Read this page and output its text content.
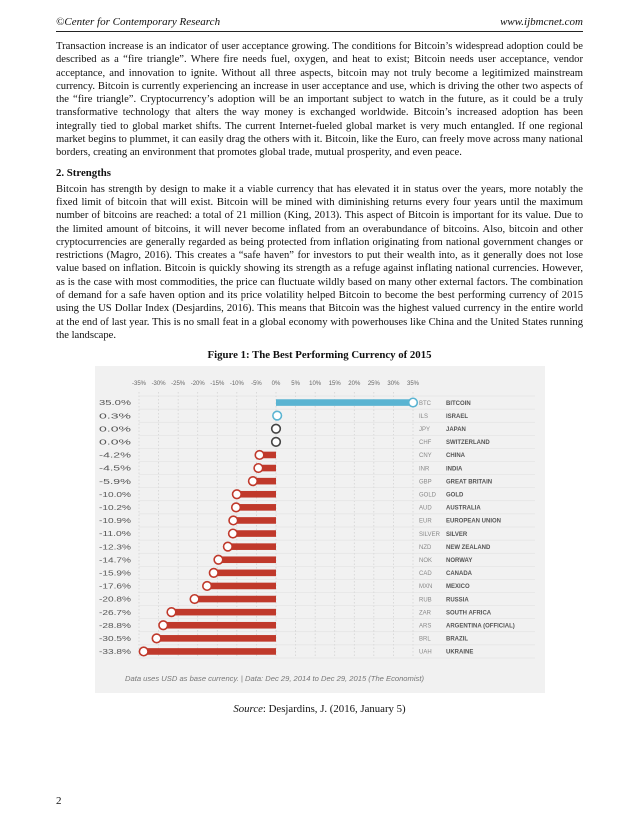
©Center for Contemporary Research	www.ijbmcnet.com

Transaction increase is an indicator of user acceptance growing. The conditions for Bitcoin’s widespread adoption could be described as a “fire triangle”. Where fire needs fuel, oxygen, and heat to exist; Bitcoin needs user acceptance, vendor acceptance, and innovation to ignite. Without all three aspects, bitcoin may not truly become a legitimized mainstream currency. Bitcoin is currently experiencing an increase in user acceptance and use, which is driving the other two aspects of the “fire triangle”. Cryptocurrency’s adoption will be an important subject to watch in the future, as it could be a truly transformative technology that alters the way money is exchanged worldwide. Bitcoin’s increased adoption has been integrally tied to global market shifts. The current Internet-fueled global market is very much entangled. If one regional market begins to plummet, it can easily drag the others with it. Bitcoin, like the Euro, can freely move across many national borders, creating an environment that promotes global trade, mutual prosperity, and even peace.

2. Strengths

Bitcoin has strength by design to make it a viable currency that has elevated it in status over the years, more notably the fixed limit of bitcoin that will exist. Bitcoin will be mined with diminishing returns every four years until the maximum number of bitcoins are reached: a total of 21 million (King, 2013). This aspect of Bitcoin is important for its value. Due to the limited amount of bitcoins, it will never become inflated from an overabundance of bitcoins. Also, bitcoin and other cryptocurrencies are generally regarded as being protected from inflation originating from national government changes or restrictions (Magro, 2016). This creates a “safe haven” for investors to put their wealth into, as it generally does not lose value based on inflation. Bitcoin is quickly showing its strength as a refuge against inflating national currencies. However, as is the case with most commodities, the price can fluctuate wildly based on many other external factors. The combination of demand for a safe haven option and its price volatility helped Bitcoin to become the best performing currency of 2015 using the US Dollar Index (Desjardins, 2016). This means that Bitcoin was the highest valued currency in the entire world at the end of last year. This is no small feat in a global economy with powerhouses like China and the United States running the landscape.

Figure 1: The Best Performing Currency of 2015
-35% -30% -25% -20% -15% -10% -5% 0% 5% 10% 15% 20% 25% 30% 35%
35.0%	BTC	BITCOIN
0.3%	ILS	ISRAEL
0.0%	JPY	JAPAN
0.0%	CHF SWITZERLAND
-4.2%	CNY CHINA
-4.5%	INR	INDIA
-5.9%	GBP GREAT BRITAIN
-10.0%	GOLD GOLD
-10.2%	AUD AUSTRALIA
-10.9%	EUR EUROPEAN UNION
-11.0%	SILVER SILVER
-12.3%	NZD NEW ZEALAND
-14.7%	NOK NORWAY
-15.9%	CAD CANADA
-17.6%	MXN MEXICO
-20.8%	RUB RUSSIA
-26.7%	ZAR	SOUTH AFRICA
-28.8%	ARS ARGENTINA (OFFICIAL)
-30.5%	BRL	BRAZIL
-33.8%	UAH UKRAINE
Data uses USD as base currency. | Data: Dec 29, 2014 to Dec 29, 2015 (The Economist)
Source: Desjardins, J. (2016, January 5)
2
